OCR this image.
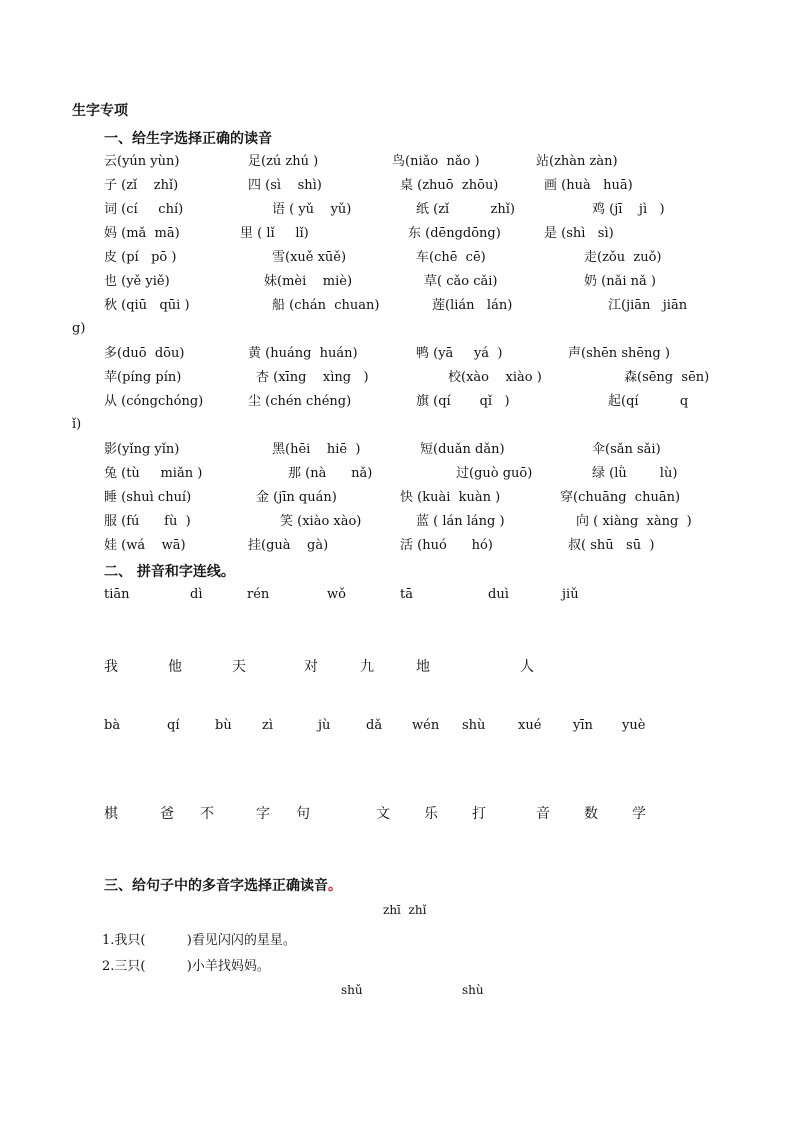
生字专项
一、给生字选择正确的读音
云(yún yùn)	足(zú zhú )	鸟(niǎo  nǎo )	站(zhàn zàn)
子 (zǐ    zhǐ)	四 (sì    shì)	桌 (zhuō  zhōu)	画 (huà   huā)
词 (cí     chí)	语 ( yǔ    yǔ)	纸 (zǐ          zhǐ)	鸡 (jī    jì   )
妈 (mǎ  mā)	里 ( lǐ     lǐ)	东 (dēngdōng)	是 (shì   sì)
皮 (pí   pō )	雪(xuě xūě)	车(chē  cē)	走(zǒu  zuǒ)
也 (yě yiě)	妹(mèi    miè)	草( cǎo cǎi)	奶 (nǎi nǎ )
秋 (qiū   qūi )	船 (chán  chuan)	莲(lián   lán)	江(jiān   jiān
多(duō  dōu)	黄 (huáng  huán)	鸭 (yā     yá  )	声(shēn shēng )
苹(píng pín)	杏 (xīng    xìng   )	校(xào    xiào )	森(sēng  sēn)
从 (cóngchóng)	尘 (chén chéng)	旗 (qí       qǐ   )	起(qí          q
影(yǐng yǐn)	黑(hēi    hiē  )	短(duǎn dǎn)	伞(sǎn sǎi)
兔 (tù     miǎn )	那 (nà      nǎ)	过(guò guō)	绿 (lǜ        lù)
睡 (shuì chuí)	金 (jīn quán)	快 (kuài  kuàn )	穿(chuāng  chuān)
服 (fú      fù  )	笑 (xiào xào)	蓝 ( lán láng )	向 ( xiàng  xàng  )
娃 (wá    wā)	挂(guà    gà)	活 (huó      hó)	叔( shū   sū  )
g)
ǐ)
二、 拼音和字连线。
tiān	dì	rén	wǒ	tā	duì	jiǔ
我	他	天	对	九	地	人
bà	qí	bù zì	jù	dǎ wén shù	xué yīn yuè
棋	爸 不	字 句	文 乐 打	音 数 学
三、给句子中的多音字选择正确读音。
zhī  zhǐ
1.我只(          )看见闪闪的星星。
2.三只(          )小羊找妈妈。
shǔ	shù
